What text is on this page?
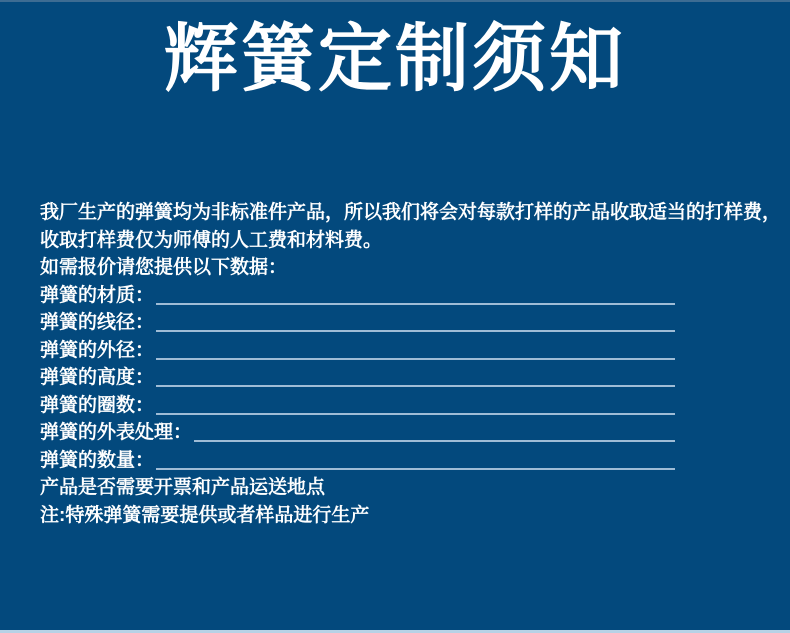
辉簧定制须知
我厂生产的弹簧均为非标准件产品，所以我们将会对每款打样的产品收取适当的打样费，
收取打样费仅为师傅的人工费和材料费。
如需报价请您提供以下数据：
弹簧的材质：
弹簧的线径：
弹簧的外径：
弹簧的高度：
弹簧的圈数：
弹簧的外表处理：
弹簧的数量：
产品是否需要开票和产品运送地点
注:特殊弹簧需要提供或者样品进行生产
